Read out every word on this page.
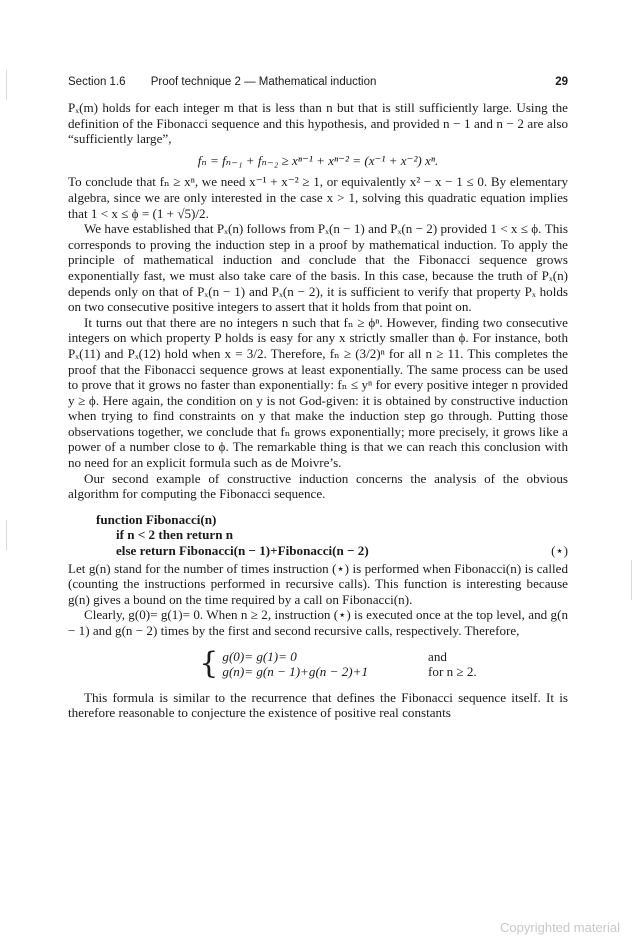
Section 1.6 Proof technique 2 — Mathematical induction	29

Pₓ(m) holds for each integer m that is less than n but that is still sufficiently large. Using the definition of the Fibonacci sequence and this hypothesis, and provided n − 1 and n − 2 are also “sufficiently large”,

fₙ = fₙ₋₁ + fₙ₋₂ ≥ xⁿ⁻¹ + xⁿ⁻² = (x⁻¹ + x⁻²) xⁿ.

To conclude that fₙ ≥ xⁿ, we need x⁻¹ + x⁻² ≥ 1, or equivalently x² − x − 1 ≤ 0. By elementary algebra, since we are only interested in the case x > 1, solving this quadratic equation implies that 1 < x ≤ ϕ = (1 + √5)/2.

We have established that Pₓ(n) follows from Pₓ(n − 1) and Pₓ(n − 2) provided 1 < x ≤ ϕ. This corresponds to proving the induction step in a proof by mathematical induction. To apply the principle of mathematical induction and conclude that the Fibonacci sequence grows exponentially fast, we must also take care of the basis. In this case, because the truth of Pₓ(n) depends only on that of Pₓ(n − 1) and Pₓ(n − 2), it is sufficient to verify that property Pₓ holds on two consecutive positive integers to assert that it holds from that point on.

It turns out that there are no integers n such that fₙ ≥ ϕⁿ. However, finding two consecutive integers on which property P holds is easy for any x strictly smaller than ϕ. For instance, both Pₓ(11) and Pₓ(12) hold when x = 3/2. Therefore, fₙ ≥ (3/2)ⁿ for all n ≥ 11. This completes the proof that the Fibonacci sequence grows at least exponentially. The same process can be used to prove that it grows no faster than exponentially: fₙ ≤ yⁿ for every positive integer n provided y ≥ ϕ. Here again, the condition on y is not God-given: it is obtained by constructive induction when trying to find constraints on y that make the induction step go through. Putting those observations together, we conclude that fₙ grows exponentially; more precisely, it grows like a power of a number close to ϕ. The remarkable thing is that we can reach this conclusion with no need for an explicit formula such as de Moivre’s.

Our second example of constructive induction concerns the analysis of the obvious algorithm for computing the Fibonacci sequence.

function Fibonacci(n)
if n < 2 then return n
else return Fibonacci(n − 1)+Fibonacci(n − 2)	(⋆)

Let g(n) stand for the number of times instruction (⋆) is performed when Fibonacci(n) is called (counting the instructions performed in recursive calls). This function is interesting because g(n) gives a bound on the time required by a call on Fibonacci(n).

Clearly, g(0)= g(1)= 0. When n ≥ 2, instruction (⋆) is executed once at the top level, and g(n − 1) and g(n − 2) times by the first and second recursive calls, respectively. Therefore,

{ g(0)= g(1)= 0
g(n)= g(n − 1)+g(n − 2)+1
and
for n ≥ 2.

This formula is similar to the recurrence that defines the Fibonacci sequence itself. It is therefore reasonable to conjecture the existence of positive real constants

Copyrighted material
